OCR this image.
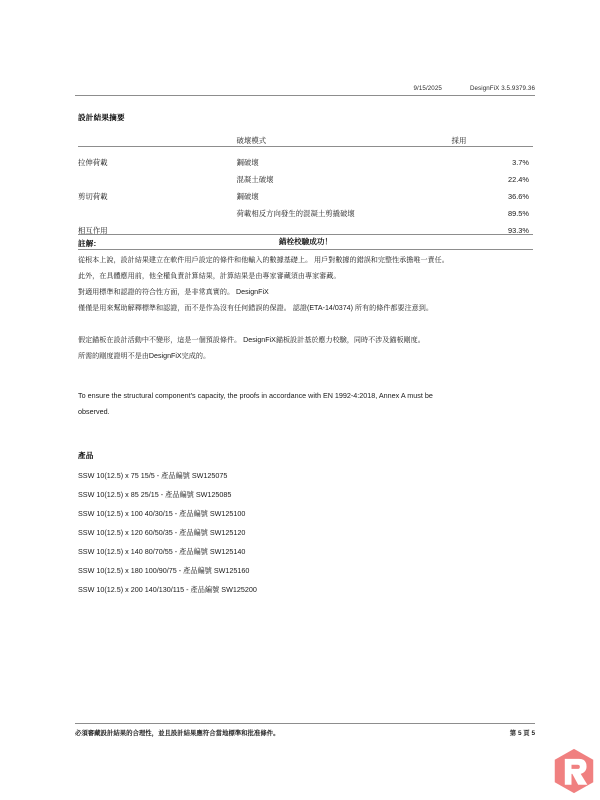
9/15/2025	DesignFiX 3.5.9379.36
設計結果摘要
	破壞模式	採用
拉伸荷載	鋼破壞	3.7%
	混凝土破壞	22.4%
剪切荷載	鋼破壞	36.6%
	荷載相反方向發生的混凝土剪撬破壞	89.5%
相互作用		93.3%
錨栓校驗成功！		
註解:

從根本上說，設計結果建立在軟件用戶設定的條件和他輸入的數據基礎上。 用戶對數據的錯誤和完整性承擔唯一責任。

此外，在具體應用前，他全權負責計算結果，計算結果是由專家審藏須由專家審藏。

對適用標準和認證的符合性方面，是非常真實的。 DesignFiX

僅僅是用來幫助解釋標準和認證，而不是作為沒有任何錯誤的保證。 認證(ETA-14/0374) 所有的條件都要注意到。

假定錨板在設計活動中不變形，這是一個預設條件。 DesignFiX錨板設計基於應力校驗，同時不涉及錨板剛度。

所需的剛度證明不是由DesignFiX完成的。

To ensure the structural component's capacity, the proofs in accordance with EN 1992-4:2018, Annex A must be

observed.

產品
SSW 10(12.5) x 75 15/5 - 產品編號 SW125075
SSW 10(12.5) x 85 25/15 - 產品編號 SW125085
SSW 10(12.5) x 100 40/30/15 - 產品編號 SW125100
SSW 10(12.5) x 120 60/50/35 - 產品編號 SW125120
SSW 10(12.5) x 140 80/70/55 - 產品編號 SW125140
SSW 10(12.5) x 180 100/90/75 - 產品編號 SW125160
SSW 10(12.5) x 200 140/130/115 - 產品編號 SW125200
必須審藏設計結果的合理性，並且設計結果應符合當地標準和批准條件。	第 5 頁 5
